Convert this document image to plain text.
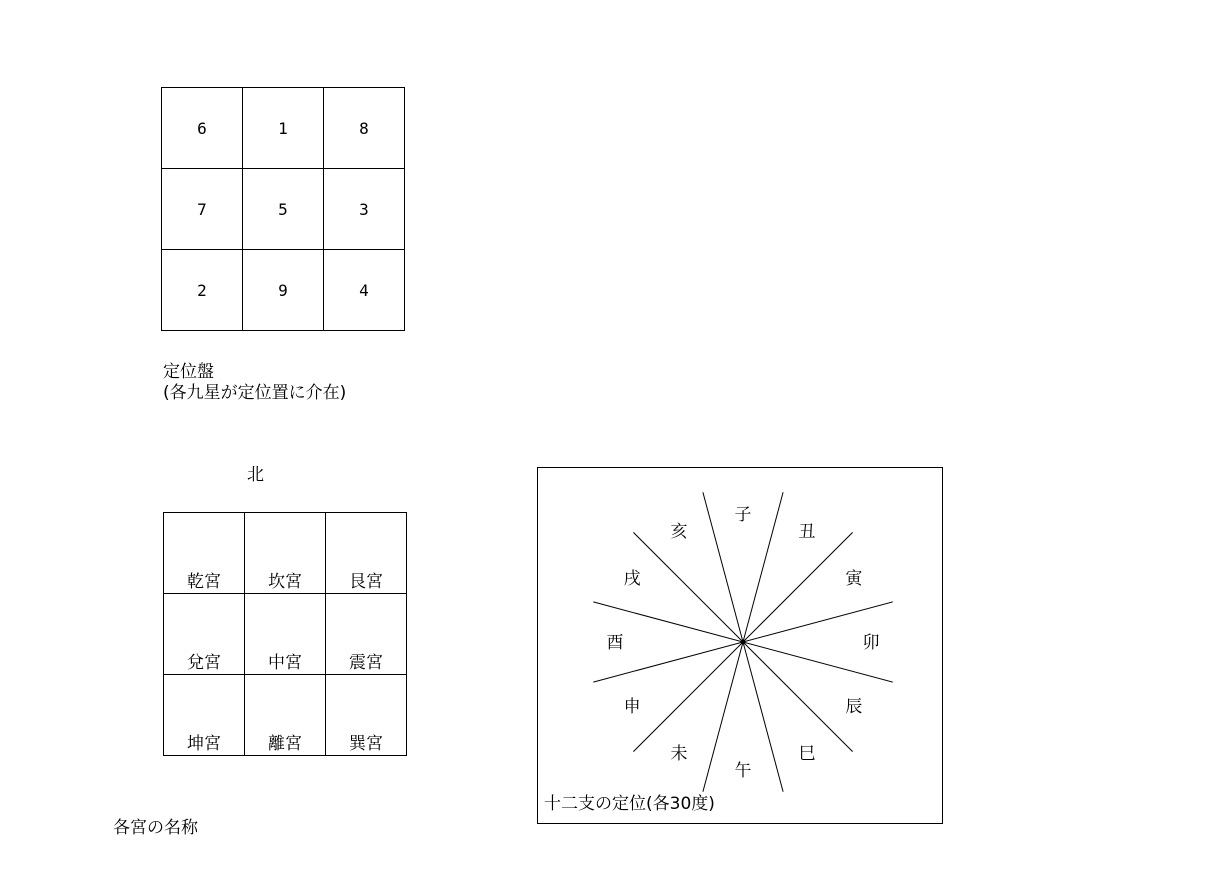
6	1	8
7	5	3
2	9	4
定位盤
(各九星が定位置に介在)
北
乾宮	坎宮	艮宮
兌宮	中宮	震宮
坤宮	離宮	巽宮
各宮の名称
子
丑
寅
卯
辰
巳
午
未
申
酉
戌
亥
十二支の定位(各30度)
